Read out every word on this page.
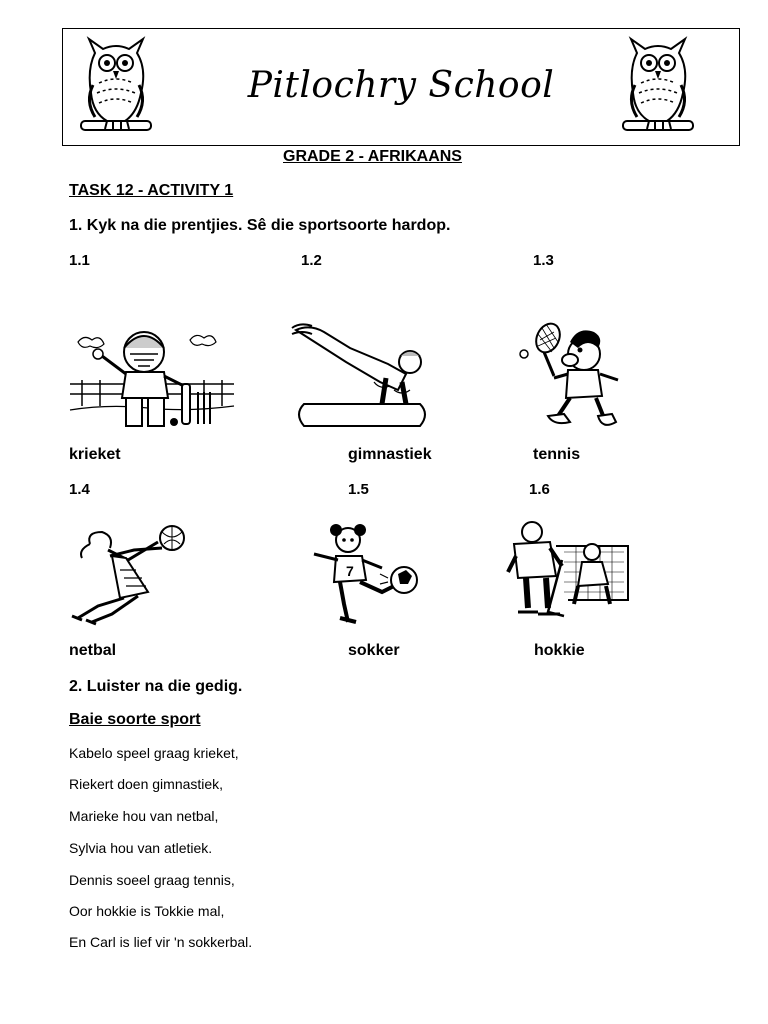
Pitlochry School
GRADE 2 - AFRIKAANS
TASK 12 - ACTIVITY 1
1. Kyk na die prentjies. Sê die sportsoorte hardop.
1.1	1.2	1.3
krieket	gimnastiek	tennis
1.4	1.5	1.6
7
netbal	sokker	hokkie
2. Luister na die gedig.
Baie soorte sport
Kabelo speel graag krieket,
Riekert doen gimnastiek,
Marieke hou van netbal,
Sylvia hou van atletiek.
Dennis soeel graag tennis,
Oor hokkie is Tokkie mal,
En Carl is lief vir 'n sokkerbal.
